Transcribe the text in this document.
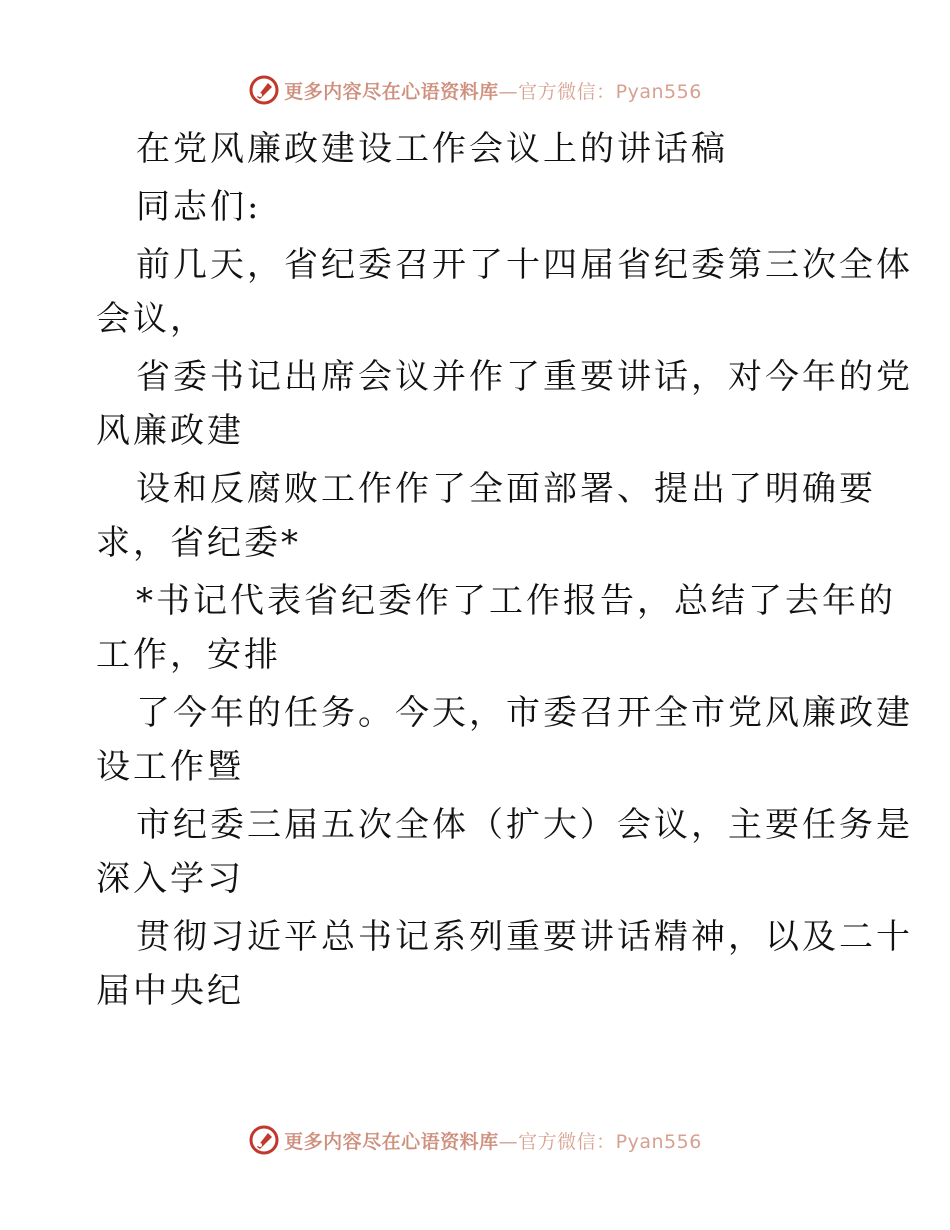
更多内容尽在心语资料库—官方微信：Pyan556

在党风廉政建设工作会议上的讲话稿

同志们:

前几天，省纪委召开了十四届省纪委第三次全体

会议，

省委书记出席会议并作了重要讲话，对今年的党

风廉政建

设和反腐败工作作了全面部署、提出了明确要

求，省纪委*

*书记代表省纪委作了工作报告，总结了去年的

工作，安排

了今年的任务。今天，市委召开全市党风廉政建

设工作暨

市纪委三届五次全体（扩大）会议，主要任务是

深入学习

贯彻习近平总书记系列重要讲话精神，以及二十

届中央纪

更多内容尽在心语资料库—官方微信：Pyan556
